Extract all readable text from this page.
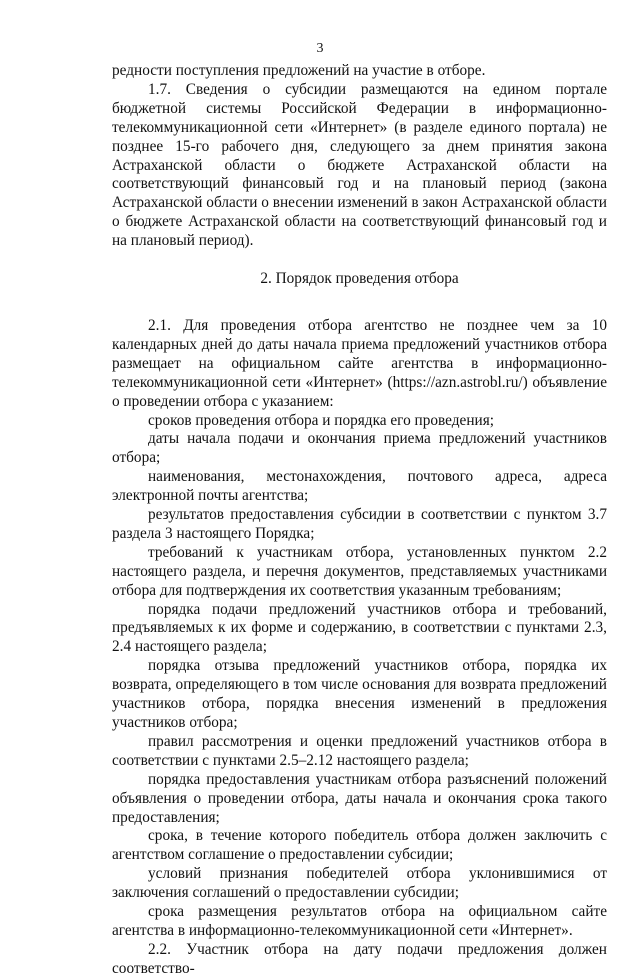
3

редности поступления предложений на участие в отборе.

1.7. Сведения о субсидии размещаются на едином портале бюджетной системы Российской Федерации в информационно-телекоммуникационной сети «Интернет» (в разделе единого портала) не позднее 15-го рабочего дня, следующего за днем принятия закона Астраханской области о бюджете Астраханской области на соответствующий финансовый год и на плановый период (закона Астраханской области о внесении изменений в закон Астраханской области о бюджете Астраханской области на соответствующий финансовый год и на плановый период).

2. Порядок проведения отбора

2.1. Для проведения отбора агентство не позднее чем за 10 календарных дней до даты начала приема предложений участников отбора размещает на официальном сайте агентства в информационно-телекоммуникационной сети «Интернет» (https://azn.astrobl.ru/) объявление о проведении отбора с указанием:

сроков проведения отбора и порядка его проведения;

даты начала подачи и окончания приема предложений участников отбора;

наименования, местонахождения, почтового адреса, адреса электронной почты агентства;

результатов предоставления субсидии в соответствии с пунктом 3.7 раздела 3 настоящего Порядка;

требований к участникам отбора, установленных пунктом 2.2 настоящего раздела, и перечня документов, представляемых участниками отбора для подтверждения их соответствия указанным требованиям;

порядка подачи предложений участников отбора и требований, предъявляемых к их форме и содержанию, в соответствии с пунктами 2.3, 2.4 настоящего раздела;

порядка отзыва предложений участников отбора, порядка их возврата, определяющего в том числе основания для возврата предложений участников отбора, порядка внесения изменений в предложения участников отбора;

правил рассмотрения и оценки предложений участников отбора в соответствии с пунктами 2.5–2.12 настоящего раздела;

порядка предоставления участникам отбора разъяснений положений объявления о проведении отбора, даты начала и окончания срока такого предоставления;

срока, в течение которого победитель отбора должен заключить с агентством соглашение о предоставлении субсидии;

условий признания победителей отбора уклонившимися от заключения соглашений о предоставлении субсидии;

срока размещения результатов отбора на официальном сайте агентства в информационно-телекоммуникационной сети «Интернет».

2.2. Участник отбора на дату подачи предложения должен соответство-
